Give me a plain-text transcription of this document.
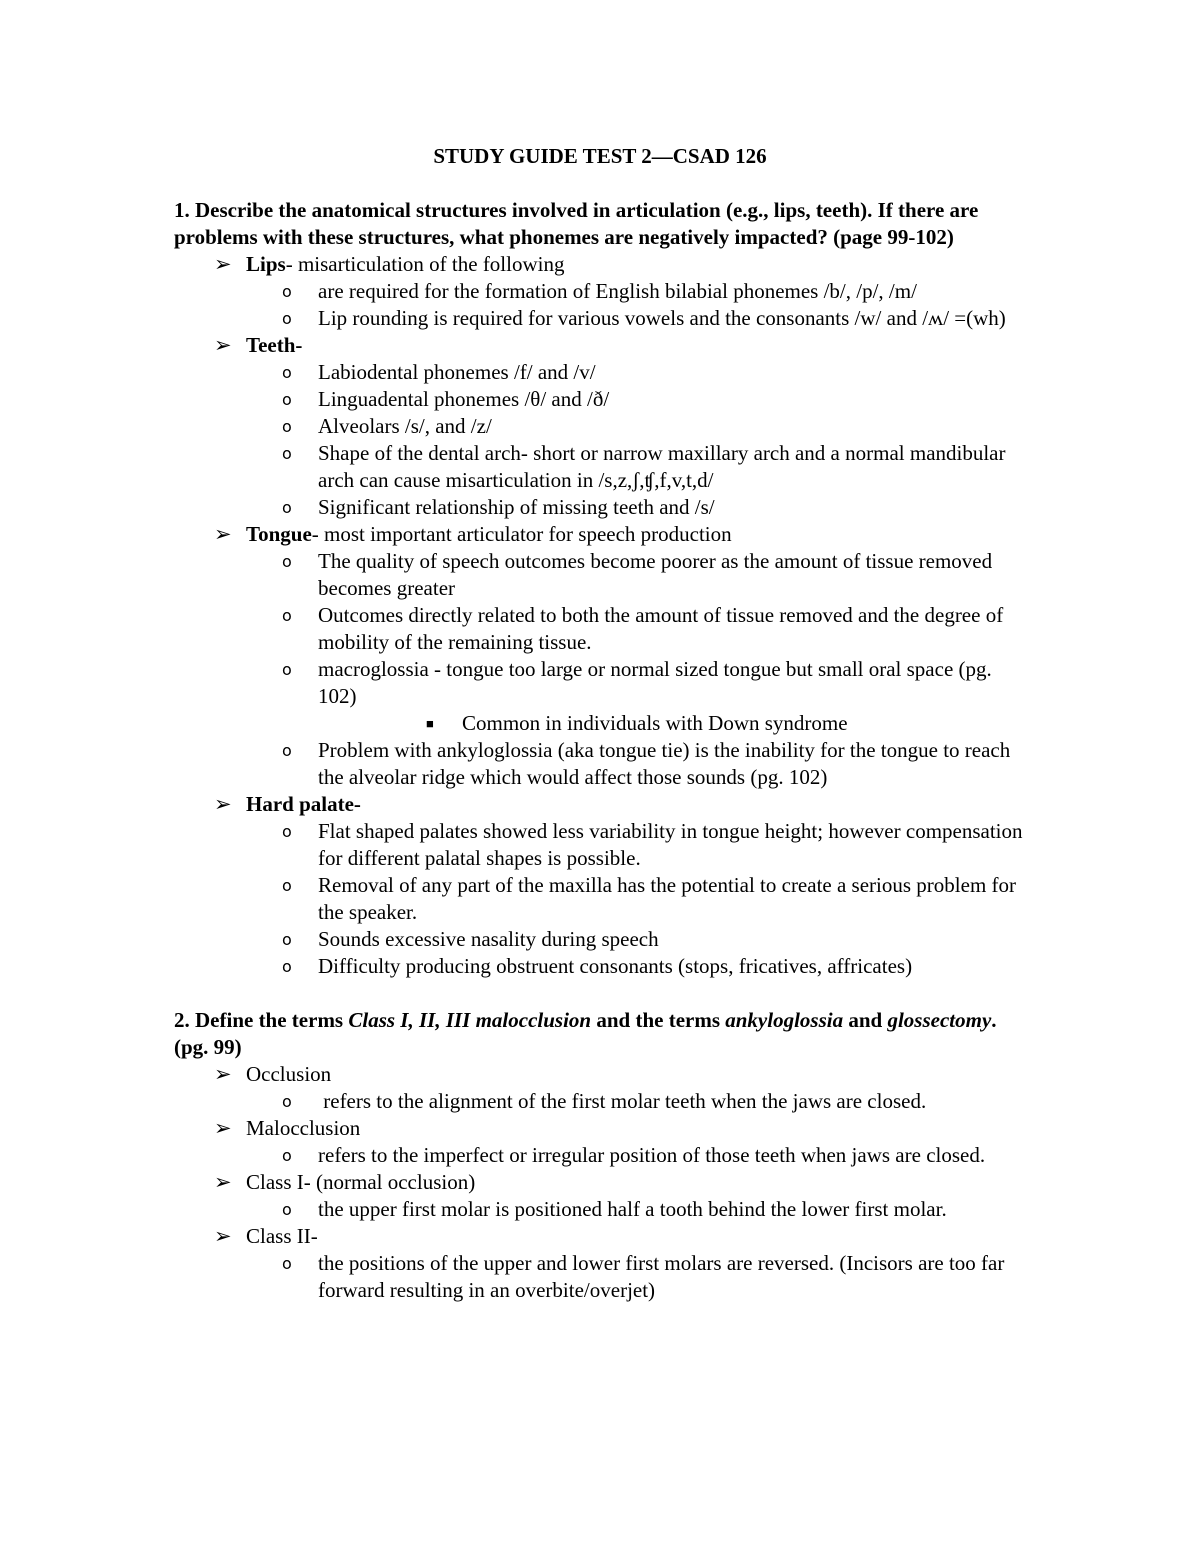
STUDY GUIDE TEST 2—CSAD 126

1. Describe the anatomical structures involved in articulation (e.g., lips, teeth). If there are problems with these structures, what phonemes are negatively impacted? (page 99-102)

➢ Lips- misarticulation of the following
o	are required for the formation of English bilabial phonemes /b/, /p/, /m/
o	Lip rounding is required for various vowels and the consonants /w/ and /ʍ/ =(wh)
➢ Teeth-
o	Labiodental phonemes /f/ and /v/
o	Linguadental phonemes /θ/ and /ð/
o	Alveolars /s/, and /z/
o	Shape of the dental arch- short or narrow maxillary arch and a normal mandibular arch can cause misarticulation in /s,z,ʃ,ʧ,f,v,t,d/
o	Significant relationship of missing teeth and /s/
➢ Tongue- most important articulator for speech production
o	The quality of speech outcomes become poorer as the amount of tissue removed becomes greater
o	Outcomes directly related to both the amount of tissue removed and the degree of mobility of the remaining tissue.
o	macroglossia - tongue too large or normal sized tongue but small oral space (pg. 102)
■	Common in individuals with Down syndrome
o	Problem with ankyloglossia (aka tongue tie) is the inability for the tongue to reach the alveolar ridge which would affect those sounds (pg. 102)
➢ Hard palate-
o	Flat shaped palates showed less variability in tongue height; however compensation for different palatal shapes is possible.
o	Removal of any part of the maxilla has the potential to create a serious problem for the speaker.
o	Sounds excessive nasality during speech
o	Difficulty producing obstruent consonants (stops, fricatives, affricates)

2. Define the terms Class I, II, III malocclusion and the terms ankyloglossia and glossectomy. (pg. 99)

➢ Occlusion
o	refers to the alignment of the first molar teeth when the jaws are closed.
➢ Malocclusion
o	refers to the imperfect or irregular position of those teeth when jaws are closed.
➢ Class I- (normal occlusion)
o	the upper first molar is positioned half a tooth behind the lower first molar.
➢ Class II-
o	the positions of the upper and lower first molars are reversed. (Incisors are too far forward resulting in an overbite/overjet)
